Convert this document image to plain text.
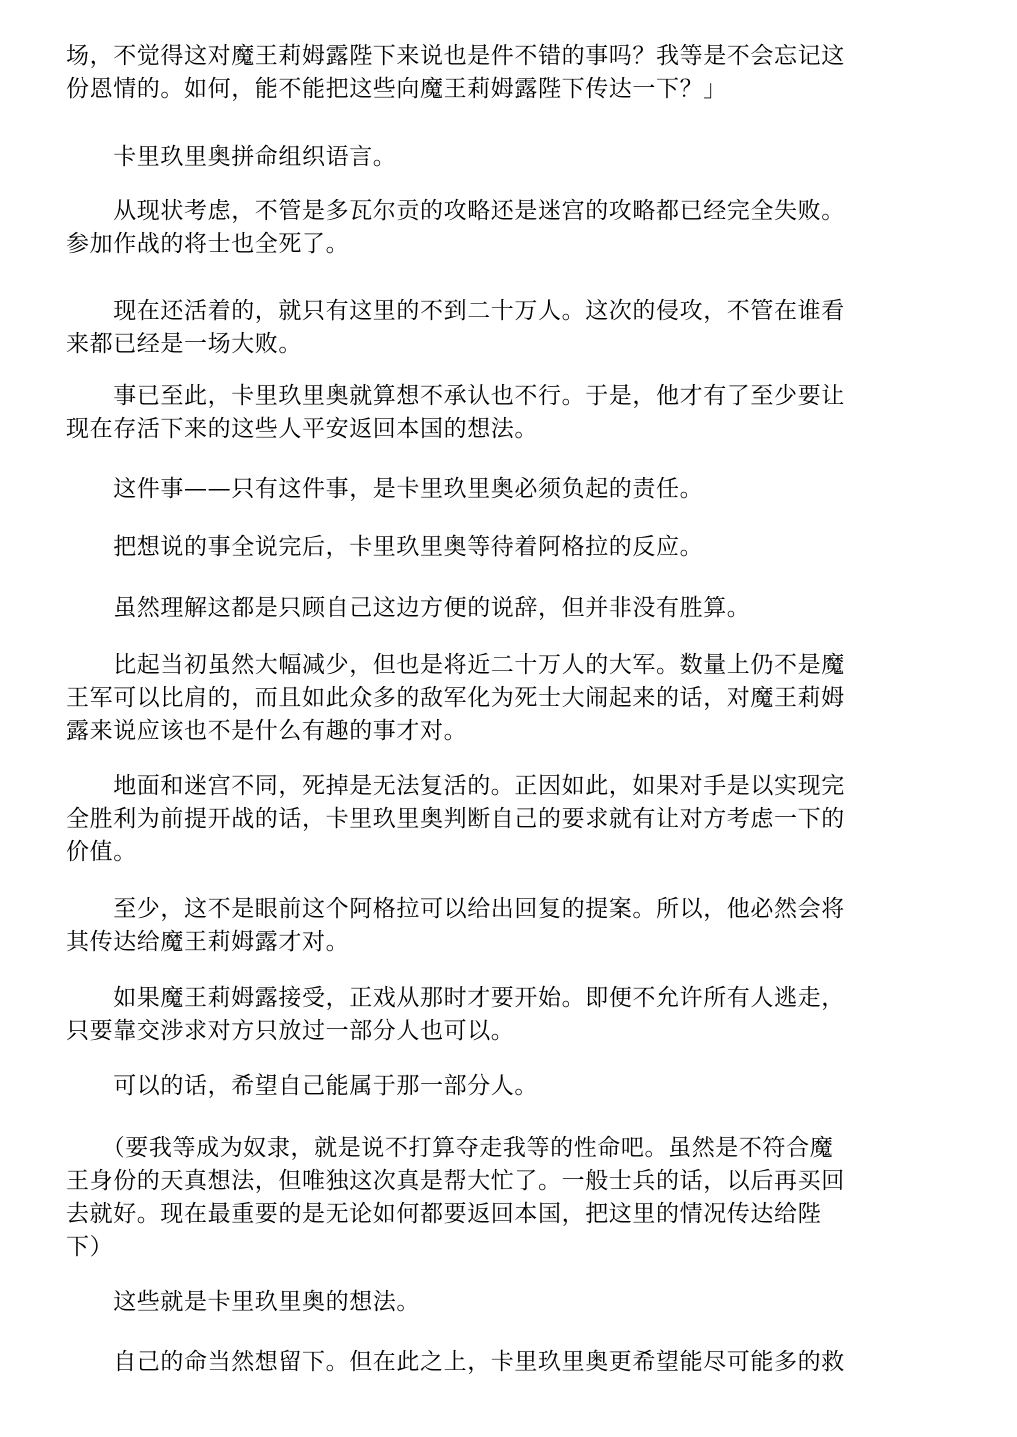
场，不觉得这对魔王莉姆露陛下来说也是件不错的事吗？我等是不会忘记这
份恩情的。如何，能不能把这些向魔王莉姆露陛下传达一下？」
　　卡里玖里奥拼命组织语言。
　　从现状考虑，不管是多瓦尔贡的攻略还是迷宫的攻略都已经完全失败。
参加作战的将士也全死了。
　　现在还活着的，就只有这里的不到二十万人。这次的侵攻，不管在谁看
来都已经是一场大败。
　　事已至此，卡里玖里奥就算想不承认也不行。于是，他才有了至少要让
现在存活下来的这些人平安返回本国的想法。
　　这件事——只有这件事，是卡里玖里奥必须负起的责任。
　　把想说的事全说完后，卡里玖里奥等待着阿格拉的反应。
　　虽然理解这都是只顾自己这边方便的说辞，但并非没有胜算。
　　比起当初虽然大幅减少，但也是将近二十万人的大军。数量上仍不是魔
王军可以比肩的，而且如此众多的敌军化为死士大闹起来的话，对魔王莉姆
露来说应该也不是什么有趣的事才对。
　　地面和迷宫不同，死掉是无法复活的。正因如此，如果对手是以实现完
全胜利为前提开战的话，卡里玖里奥判断自己的要求就有让对方考虑一下的
价值。
　　至少，这不是眼前这个阿格拉可以给出回复的提案。所以，他必然会将
其传达给魔王莉姆露才对。
　　如果魔王莉姆露接受，正戏从那时才要开始。即便不允许所有人逃走，
只要靠交涉求对方只放过一部分人也可以。
　　可以的话，希望自己能属于那一部分人。
　　（要我等成为奴隶，就是说不打算夺走我等的性命吧。虽然是不符合魔
王身份的天真想法，但唯独这次真是帮大忙了。一般士兵的话，以后再买回
去就好。现在最重要的是无论如何都要返回本国，把这里的情况传达给陛
下）
　　这些就是卡里玖里奥的想法。
　　自己的命当然想留下。但在此之上，卡里玖里奥更希望能尽可能多的救
